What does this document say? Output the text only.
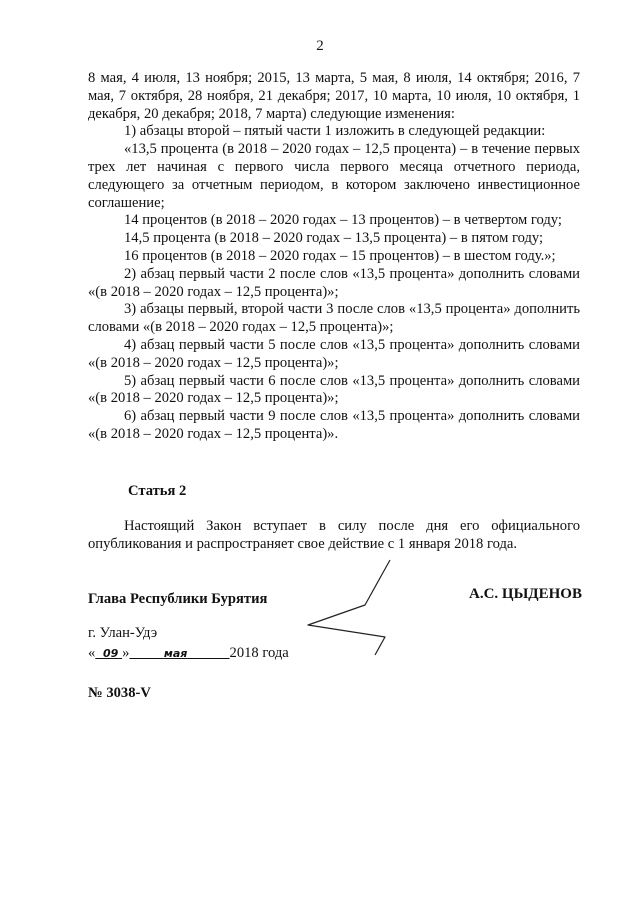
2

8 мая, 4 июля, 13 ноября; 2015, 13 марта, 5 мая, 8 июля, 14 октября; 2016, 7 мая, 7 октября, 28 ноября, 21 декабря; 2017, 10 марта, 10 июля, 10 октября, 1 декабря, 20 декабря; 2018, 7 марта) следующие изменения:

1) абзацы второй – пятый части 1 изложить в следующей редакции:

«13,5 процента (в 2018 – 2020 годах – 12,5 процента) – в течение первых трех лет начиная с первого числа первого месяца отчетного периода, следующего за отчетным периодом, в котором заключено инвестиционное соглашение;

14 процентов (в 2018 – 2020 годах – 13 процентов) – в четвертом году;

14,5 процента (в 2018 – 2020 годах – 13,5 процента) – в пятом году;

16 процентов (в 2018 – 2020 годах – 15 процентов) – в шестом году.»;

2) абзац первый части 2 после слов «13,5 процента» дополнить словами «(в 2018 – 2020 годах – 12,5 процента)»;

3) абзацы первый, второй части 3 после слов «13,5 процента» дополнить словами «(в 2018 – 2020 годах – 12,5 процента)»;

4) абзац первый части 5 после слов «13,5 процента» дополнить словами «(в 2018 – 2020 годах – 12,5 процента)»;

5) абзац первый части 6 после слов «13,5 процента» дополнить словами «(в 2018 – 2020 годах – 12,5 процента)»;

6) абзац первый части 9 после слов «13,5 процента» дополнить словами «(в 2018 – 2020 годах – 12,5 процента)».

Статья 2

Настоящий Закон вступает в силу после дня его официального опубликования и распространяет свое действие с 1 января 2018 года.

Глава Республики Бурятия	А.С. ЦЫДЕНОВ
г. Улан-Удэ
« 09 »	мая	2018 года
№ 3038-V
